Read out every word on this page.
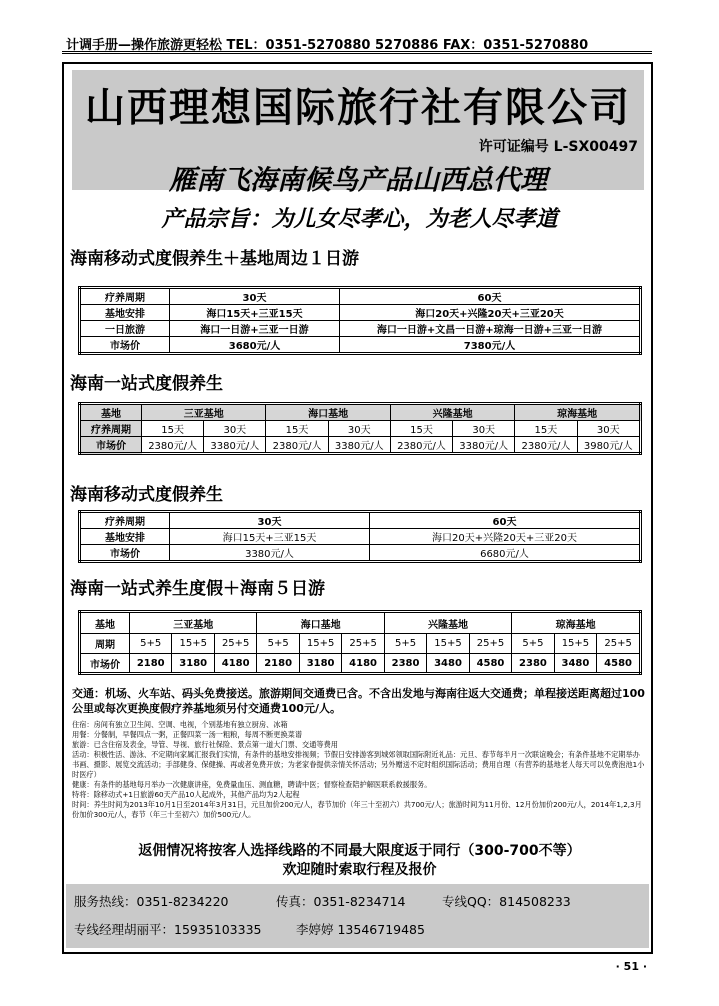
计调手册—操作旅游更轻松 TEL：0351-5270880 5270886 FAX：0351-5270880
山西理想国际旅行社有限公司
许可证编号 L-SX00497
雁南飞海南候鸟产品山西总代理
产品宗旨：为儿女尽孝心，为老人尽孝道
海南移动式度假养生＋基地周边１日游
疗养周期	30天	60天
基地安排	海口15天+三亚15天	海口20天+兴隆20天+三亚20天
一日旅游	海口一日游+三亚一日游	海口一日游+文昌一日游+琼海一日游+三亚一日游
市场价	3680元/人	7380元/人
海南一站式度假养生
基地	三亚基地		海口基地		兴隆基地		琼海基地	
疗养周期	15天	30天	15天	30天	15天	30天	15天	30天
市场价	2380元/人	3380元/人	2380元/人	3380元/人	2380元/人	3380元/人	2380元/人	3980元/人
海南移动式度假养生
疗养周期	30天	60天
基地安排	海口15天+三亚15天	海口20天+兴隆20天+三亚20天
市场价	3380元/人	6680元/人
海南一站式养生度假＋海南５日游
基地	三亚基地			海口基地			兴隆基地			琼海基地		
周期	5+5	15+5	25+5	5+5	15+5	25+5	5+5	15+5	25+5	5+5	15+5	25+5
市场价	2180	3180	4180	2180	3180	4180	2380	3480	4580	2380	3480	4580
交通：机场、火车站、码头免费接送。旅游期间交通费已含。不含出发地与海南往返大交通费；单程接送距离超过100公里或每次更换度假疗养基地须另付交通费100元/人。
住宿：房间有独立卫生间、空调、电视，个别基地有独立厨房、冰箱
用餐：分餐制，早餐四点一粥，正餐四菜一汤一粗粮，每周不断更换菜谱
旅游：已含住宿及表金，导管、导视、旅行社保险、景点第一道大门票、交通等费用
活动：积极性活、游泳、不定期向家属汇报我们实情，有条件的基地安排视频；节假日安排游客到城郊领取国际附近礼品：元旦、春节每半月一次联谊晚会；有条件基地不定期举办书画、摄影、展览交流活动；手部健身、保健操、再或者免费开放；为老家眷提供亲情关怀活动；另外赠送不定时组织国际活动；费用自理（有营养的基地老人每天可以免费泡池1小时医疗）
健康：有条件的基地每月举办一次健康讲座，免费量血压、测血糖，聘请中医；督察检查陪护解医联系救援服务。
特将：除移动式+1日旅游60天产品10人起成外，其他产品均为2人起程
时间：养生时间为2013年10月1日至2014年3月31日，元旦加价200元/人，春节加价（年三十至初六）共700元/人；旅游时间为11月份、12月份加价200元/人，2014年1,2,3月份加价300元/人，春节（年三十至初六）加价500元/人。
返佣情况将按客人选择线路的不同最大限度返于同行（300-700不等）
欢迎随时索取行程及报价
服务热线：0351-8234220	传真：0351-8234714	专线QQ：814508233
专线经理胡丽平：15935103335	李婷婷 13546719485
· 51 ·
